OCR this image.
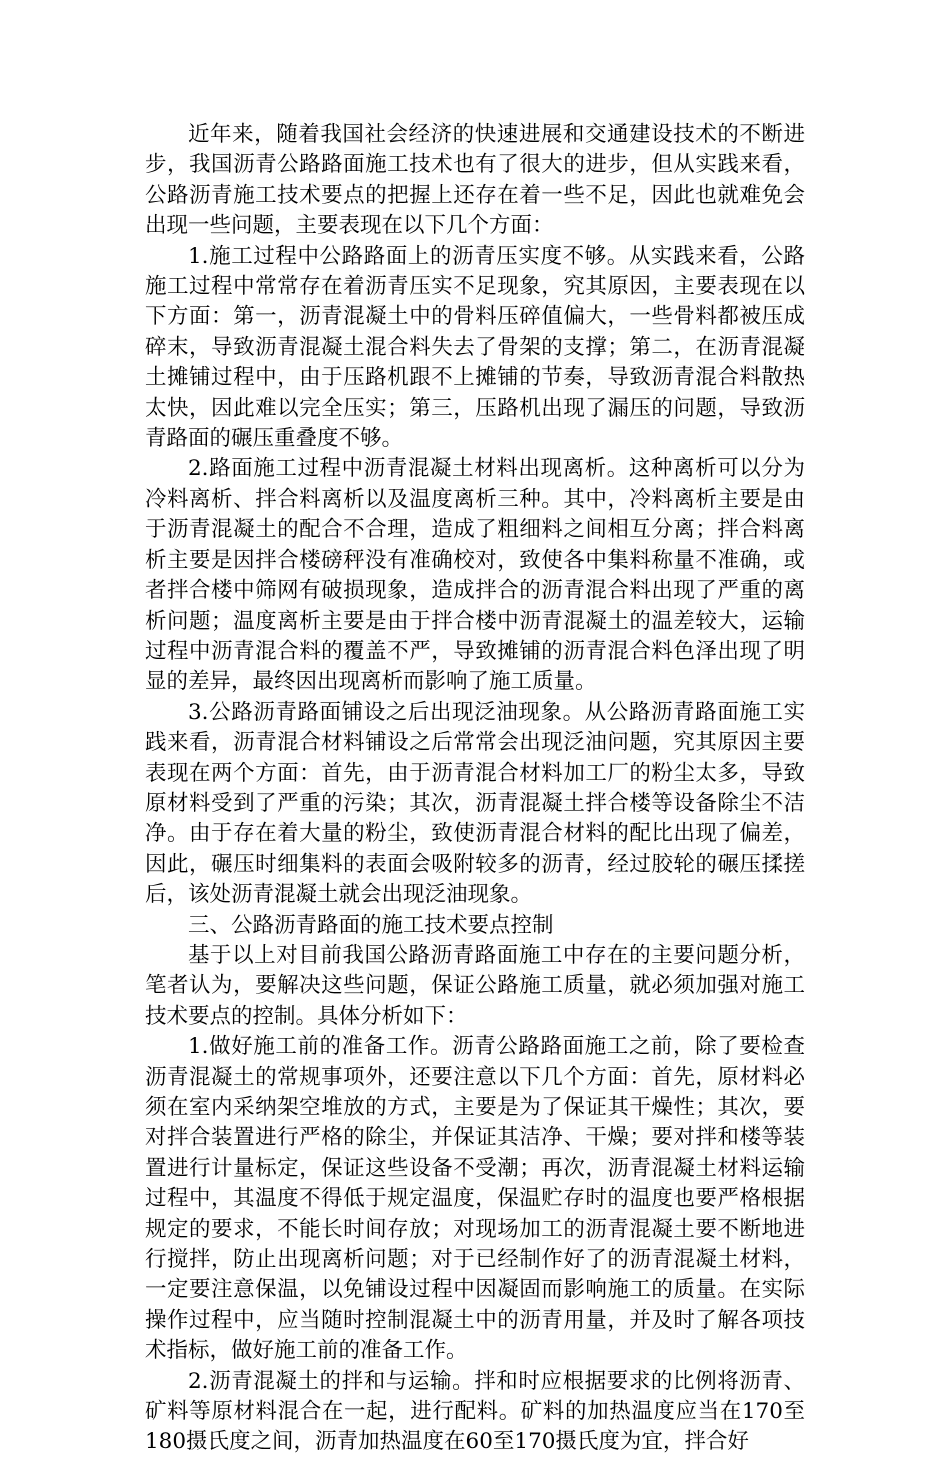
近年来，随着我国社会经济的快速进展和交通建设技术的不断进步，我国沥青公路路面施工技术也有了很大的进步，但从实践来看，公路沥青施工技术要点的把握上还存在着一些不足，因此也就难免会出现一些问题，主要表现在以下几个方面：

1.施工过程中公路路面上的沥青压实度不够。从实践来看，公路施工过程中常常存在着沥青压实不足现象，究其原因，主要表现在以下方面：第一，沥青混凝土中的骨料压碎值偏大，一些骨料都被压成碎末，导致沥青混凝土混合料失去了骨架的支撑；第二，在沥青混凝土摊铺过程中，由于压路机跟不上摊铺的节奏，导致沥青混合料散热太快，因此难以完全压实；第三，压路机出现了漏压的问题，导致沥青路面的碾压重叠度不够。

2.路面施工过程中沥青混凝土材料出现离析。这种离析可以分为冷料离析、拌合料离析以及温度离析三种。其中，冷料离析主要是由于沥青混凝土的配合不合理，造成了粗细料之间相互分离；拌合料离析主要是因拌合楼磅秤没有准确校对，致使各中集料称量不准确，或者拌合楼中筛网有破损现象，造成拌合的沥青混合料出现了严重的离析问题；温度离析主要是由于拌合楼中沥青混凝土的温差较大，运输过程中沥青混合料的覆盖不严，导致摊铺的沥青混合料色泽出现了明显的差异，最终因出现离析而影响了施工质量。

3.公路沥青路面铺设之后出现泛油现象。从公路沥青路面施工实践来看，沥青混合材料铺设之后常常会出现泛油问题，究其原因主要表现在两个方面：首先，由于沥青混合材料加工厂的粉尘太多，导致原材料受到了严重的污染；其次，沥青混凝土拌合楼等设备除尘不洁净。由于存在着大量的粉尘，致使沥青混合材料的配比出现了偏差，因此，碾压时细集料的表面会吸附较多的沥青，经过胶轮的碾压揉搓后，该处沥青混凝土就会出现泛油现象。

三、公路沥青路面的施工技术要点控制

基于以上对目前我国公路沥青路面施工中存在的主要问题分析，笔者认为，要解决这些问题，保证公路施工质量，就必须加强对施工技术要点的控制。具体分析如下：

1.做好施工前的准备工作。沥青公路路面施工之前，除了要检查沥青混凝土的常规事项外，还要注意以下几个方面：首先，原材料必须在室内采纳架空堆放的方式，主要是为了保证其干燥性；其次，要对拌合装置进行严格的除尘，并保证其洁净、干燥；要对拌和楼等装置进行计量标定，保证这些设备不受潮；再次，沥青混凝土材料运输过程中，其温度不得低于规定温度，保温贮存时的温度也要严格根据规定的要求，不能长时间存放；对现场加工的沥青混凝土要不断地进行搅拌，防止出现离析问题；对于已经制作好了的沥青混凝土材料，一定要注意保温，以免铺设过程中因凝固而影响施工的质量。在实际操作过程中，应当随时控制混凝土中的沥青用量，并及时了解各项技术指标，做好施工前的准备工作。

2.沥青混凝土的拌和与运输。拌和时应根据要求的比例将沥青、矿料等原材料混合在一起，进行配料。矿料的加热温度应当在170至180摄氏度之间，沥青加热温度在60至170摄氏度为宜，拌合好
